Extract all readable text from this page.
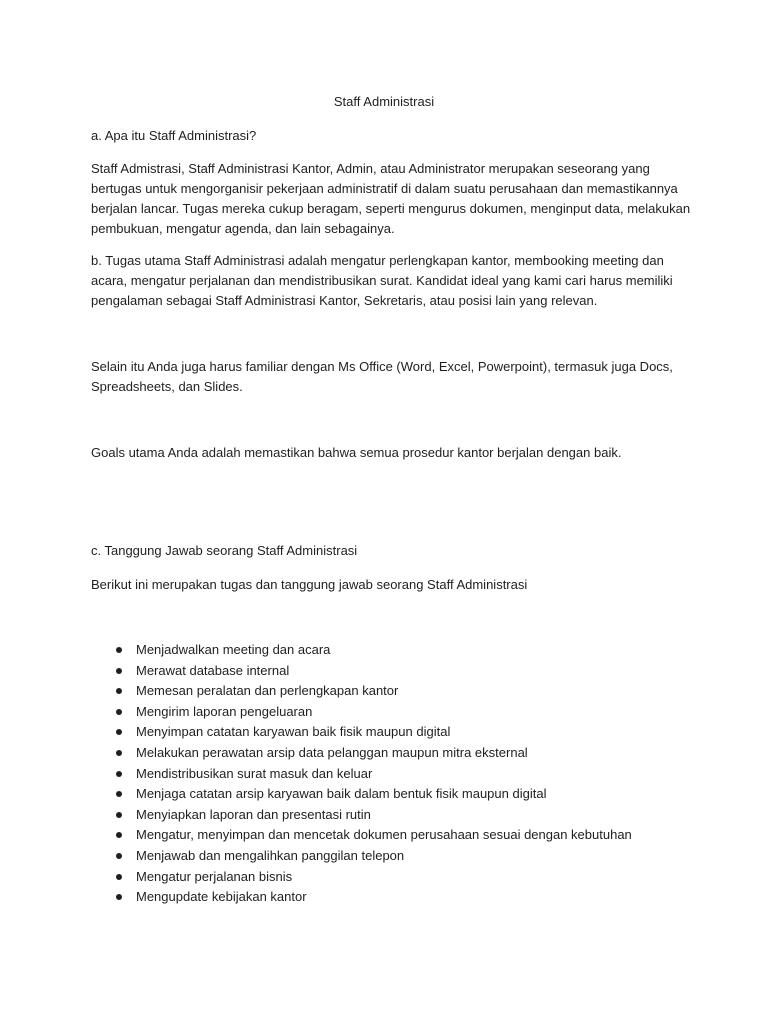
Staff Administrasi

a. Apa itu Staff Administrasi?

Staff Admistrasi, Staff Administrasi Kantor, Admin, atau Administrator merupakan seseorang yang
bertugas untuk mengorganisir pekerjaan administratif di dalam suatu perusahaan dan memastikannya
berjalan lancar. Tugas mereka cukup beragam, seperti mengurus dokumen, menginput data, melakukan
pembukuan, mengatur agenda, dan lain sebagainya.

b. Tugas utama Staff Administrasi adalah mengatur perlengkapan kantor, membooking meeting dan
acara, mengatur perjalanan dan mendistribusikan surat. Kandidat ideal yang kami cari harus memiliki
pengalaman sebagai Staff Administrasi Kantor, Sekretaris, atau posisi lain yang relevan.

Selain itu Anda juga harus familiar dengan Ms Office (Word, Excel, Powerpoint), termasuk juga Docs,
Spreadsheets, dan Slides.

Goals utama Anda adalah memastikan bahwa semua prosedur kantor berjalan dengan baik.

c. Tanggung Jawab seorang Staff Administrasi

Berikut ini merupakan tugas dan tanggung jawab seorang Staff Administrasi

Menjadwalkan meeting dan acara
Merawat database internal
Memesan peralatan dan perlengkapan kantor
Mengirim laporan pengeluaran
Menyimpan catatan karyawan baik fisik maupun digital
Melakukan perawatan arsip data pelanggan maupun mitra eksternal
Mendistribusikan surat masuk dan keluar
Menjaga catatan arsip karyawan baik dalam bentuk fisik maupun digital
Menyiapkan laporan dan presentasi rutin
Mengatur, menyimpan dan mencetak dokumen perusahaan sesuai dengan kebutuhan
Menjawab dan mengalihkan panggilan telepon
Mengatur perjalanan bisnis
Mengupdate kebijakan kantor
